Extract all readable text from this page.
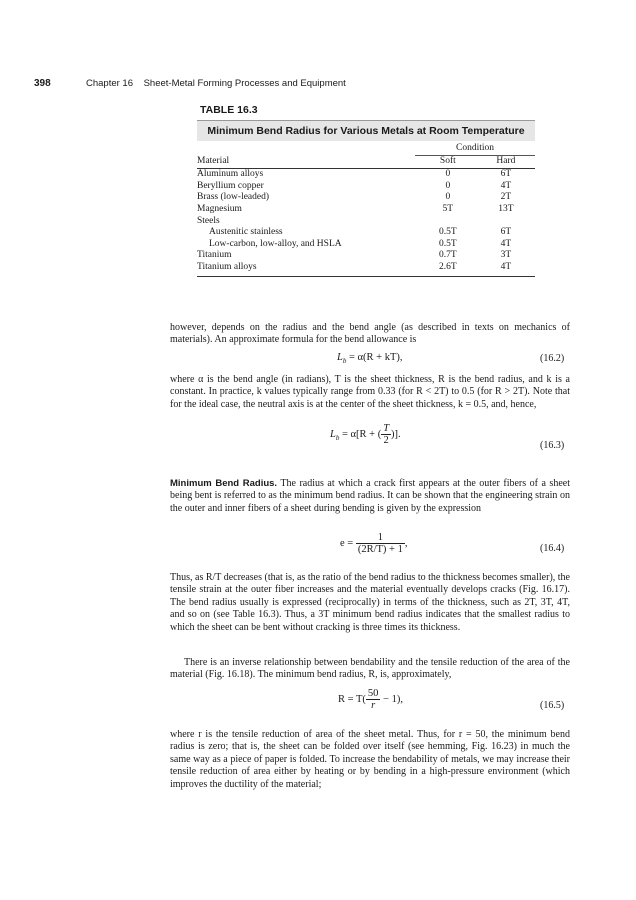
398	Chapter 16 Sheet-Metal Forming Processes and Equipment
TABLE 16.3
Minimum Bend Radius for Various Metals at Room Temperature
Condition		

Material	Soft	Hard
Aluminum alloys	0	6T
Beryllium copper	0	4T
Brass (low-leaded)	0	2T
Magnesium	5T	13T
Steels		
Austenitic stainless	0.5T	6T
Low-carbon, low-alloy, and HSLA	0.5T	4T
Titanium	0.7T	3T
Titanium alloys	2.6T	4T
however, depends on the radius and the bend angle (as described in texts on mechanics of materials). An approximate formula for the bend allowance is
$L_b = \alpha(R + kT)$,	(16.2)
where α is the bend angle (in radians), T is the sheet thickness, R is the bend radius, and k is a constant. In practice, k values typically range from 0.33 (for R < 2T) to 0.5 (for R > 2T). Note that for the ideal case, the neutral axis is at the center of the sheet thickness, k = 0.5, and, hence,
$L_b = \alpha[R$ + ( $\frac{T}{2}$ )].
(16.3)
Minimum Bend Radius. The radius at which a crack first appears at the outer fibers of a sheet being bent is referred to as the minimum bend radius. It can be shown that the engineering strain on the outer and inner fibers of a sheet during bending is given by the expression
$e = \frac{1}{(2R/T) + 1}$ ,	(16.4)
Thus, as R/T decreases (that is, as the ratio of the bend radius to the thickness becomes smaller), the tensile strain at the outer fiber increases and the material eventually develops cracks (Fig. 16.17). The bend radius usually is expressed (reciprocally) in terms of the thickness, such as 2T, 3T, 4T, and so on (see Table 16.3). Thus, a 3T minimum bend radius indicates that the smallest radius to which the sheet can be bent without cracking is three times its thickness.
There is an inverse relationship between bendability and the tensile reduction of the area of the material (Fig. 16.18). The minimum bend radius, R, is, approximately,
$R = T( \frac{50}{r} - 1)$,
(16.5)
where r is the tensile reduction of area of the sheet metal. Thus, for r = 50, the minimum bend radius is zero; that is, the sheet can be folded over itself (see hemming, Fig. 16.23) in much the same way as a piece of paper is folded. To increase the bendability of metals, we may increase their tensile reduction of area either by heating or by bending in a high-pressure environment (which improves the ductility of the material;
